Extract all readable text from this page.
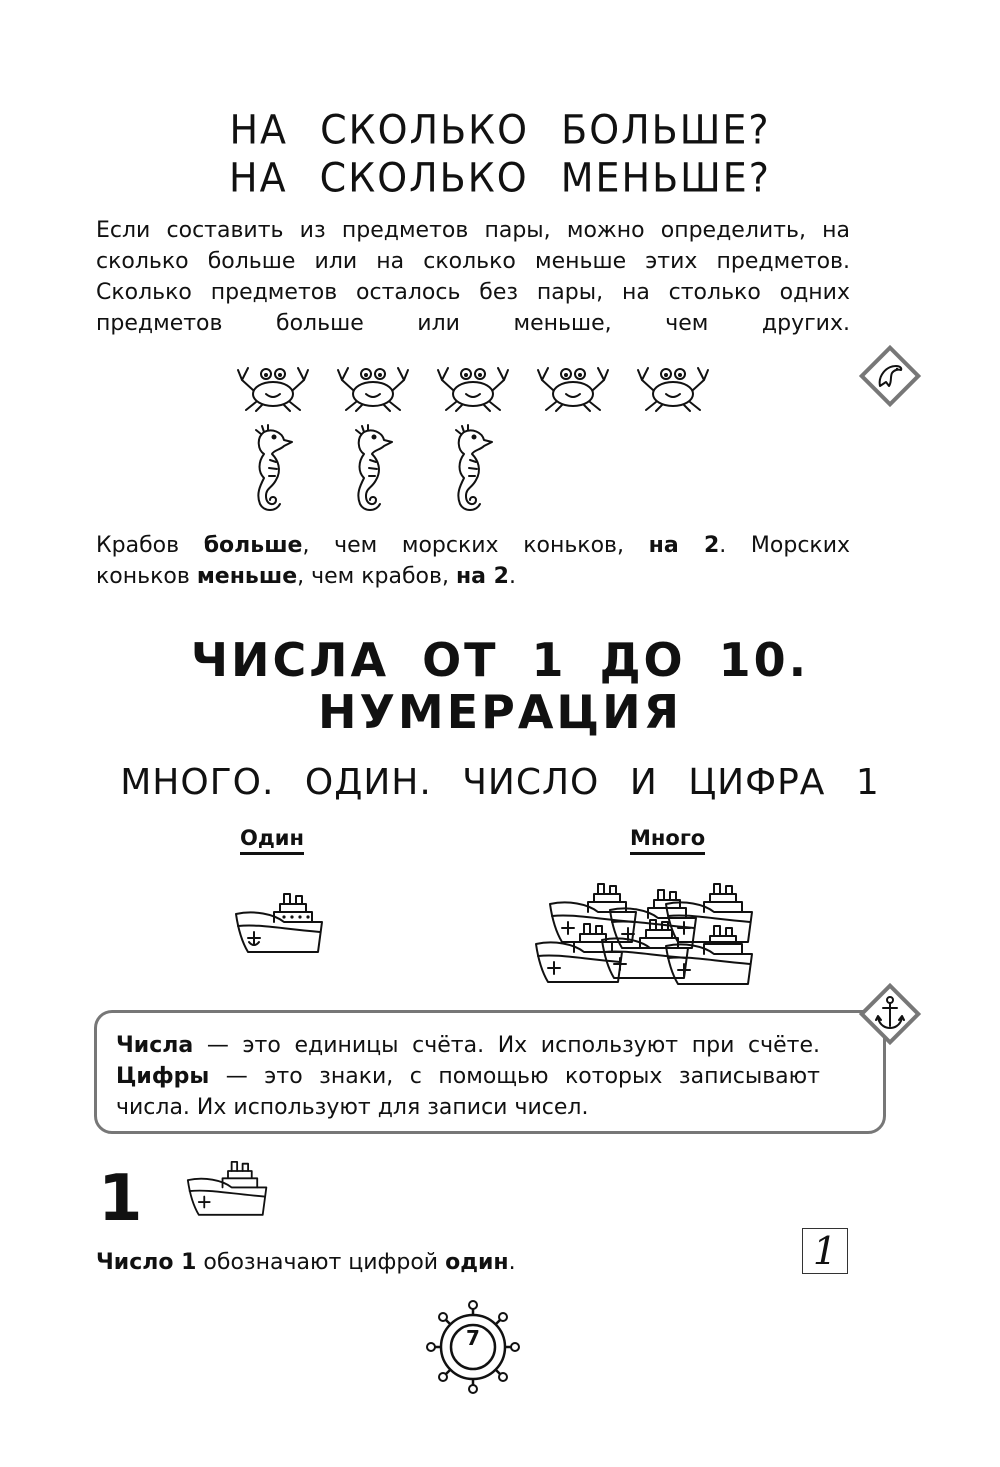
НА СКОЛЬКО БОЛЬШЕ?
НА СКОЛЬКО МЕНЬШЕ?
Если составить из предметов пары, можно определить, на
сколько больше или на сколько меньше этих предметов.
Сколько предметов осталось без пары, на столько одних
предметов больше или меньше, чем других.
Крабов больше, чем морских коньков, на 2. Морских
коньков меньше, чем крабов, на 2.
ЧИСЛА ОТ 1 ДО 10.
НУМЕРАЦИЯ
МНОГО. ОДИН. ЧИСЛО И ЦИФРА 1
Один	Много
Числа — это единицы счёта. Их используют при счёте.
Цифры — это знаки, с помощью которых записывают
числа. Их используют для записи чисел.
1
1
Число 1 обозначают цифрой один.
7
